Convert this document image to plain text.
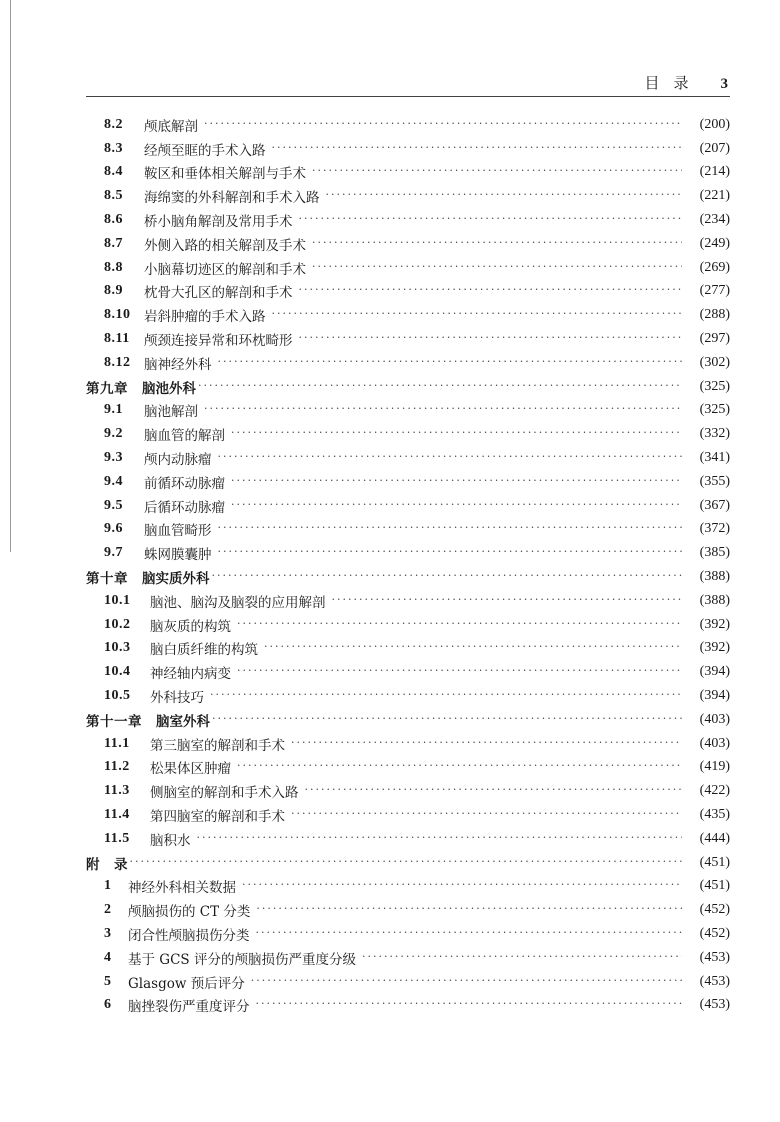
目录 3
8.2	颅底解剖 ·····	(200)
8.3	经颅至眶的手术入路 ·····	(207)
8.4	鞍区和垂体相关解剖与手术 ·····	(214)
8.5	海绵窦的外科解剖和手术入路 ·····	(221)
8.6	桥小脑角解剖及常用手术 ·····	(234)
8.7	外侧入路的相关解剖及手术 ·····	(249)
8.8	小脑幕切迹区的解剖和手术 ·····	(269)
8.9	枕骨大孔区的解剖和手术 ·····	(277)
8.10 岩斜肿瘤的手术入路 ·····	(288)
8.11	颅颈连接异常和环枕畸形 ·····	(297)
8.12 脑神经外科 ·····	(302)
第九章 脑池外科 ·····	(325)
9.1	脑池解剖 ·····	(325)
9.2	脑血管的解剖 ·····	(332)
9.3	颅内动脉瘤 ·····	(341)
9.4	前循环动脉瘤 ·····	(355)
9.5	后循环动脉瘤 ·····	(367)
9.6	脑血管畸形 ·····	(372)
9.7	蛛网膜囊肿 ·····	(385)
第十章 脑实质外科 ·····	(388)
10.1	脑池、脑沟及脑裂的应用解剖 ·····	(388)
10.2	脑灰质的构筑 ·····	(392)
10.3	脑白质纤维的构筑 ·····	(392)
10.4	神经轴内病变 ·····	(394)
10.5	外科技巧 ·····	(394)
第十一章 脑室外科 ·····	(403)
11.1	第三脑室的解剖和手术 ·····	(403)
11.2	松果体区肿瘤 ·····	(419)
11.3	侧脑室的解剖和手术入路 ·····	(422)
11.4	第四脑室的解剖和手术 ·····	(435)
11.5	脑积水 ·····	(444)
附 录 ·····	(451)
1	神经外科相关数据 ·····	(451)
2	颅脑损伤的 CT 分类 ·····	(452)
3	闭合性颅脑损伤分类 ·····	(452)
4	基于 GCS 评分的颅脑损伤严重度分级 ·····	(453)
5	Glasgow 预后评分 ·····	(453)
6	脑挫裂伤严重度评分 ·····	(453)
